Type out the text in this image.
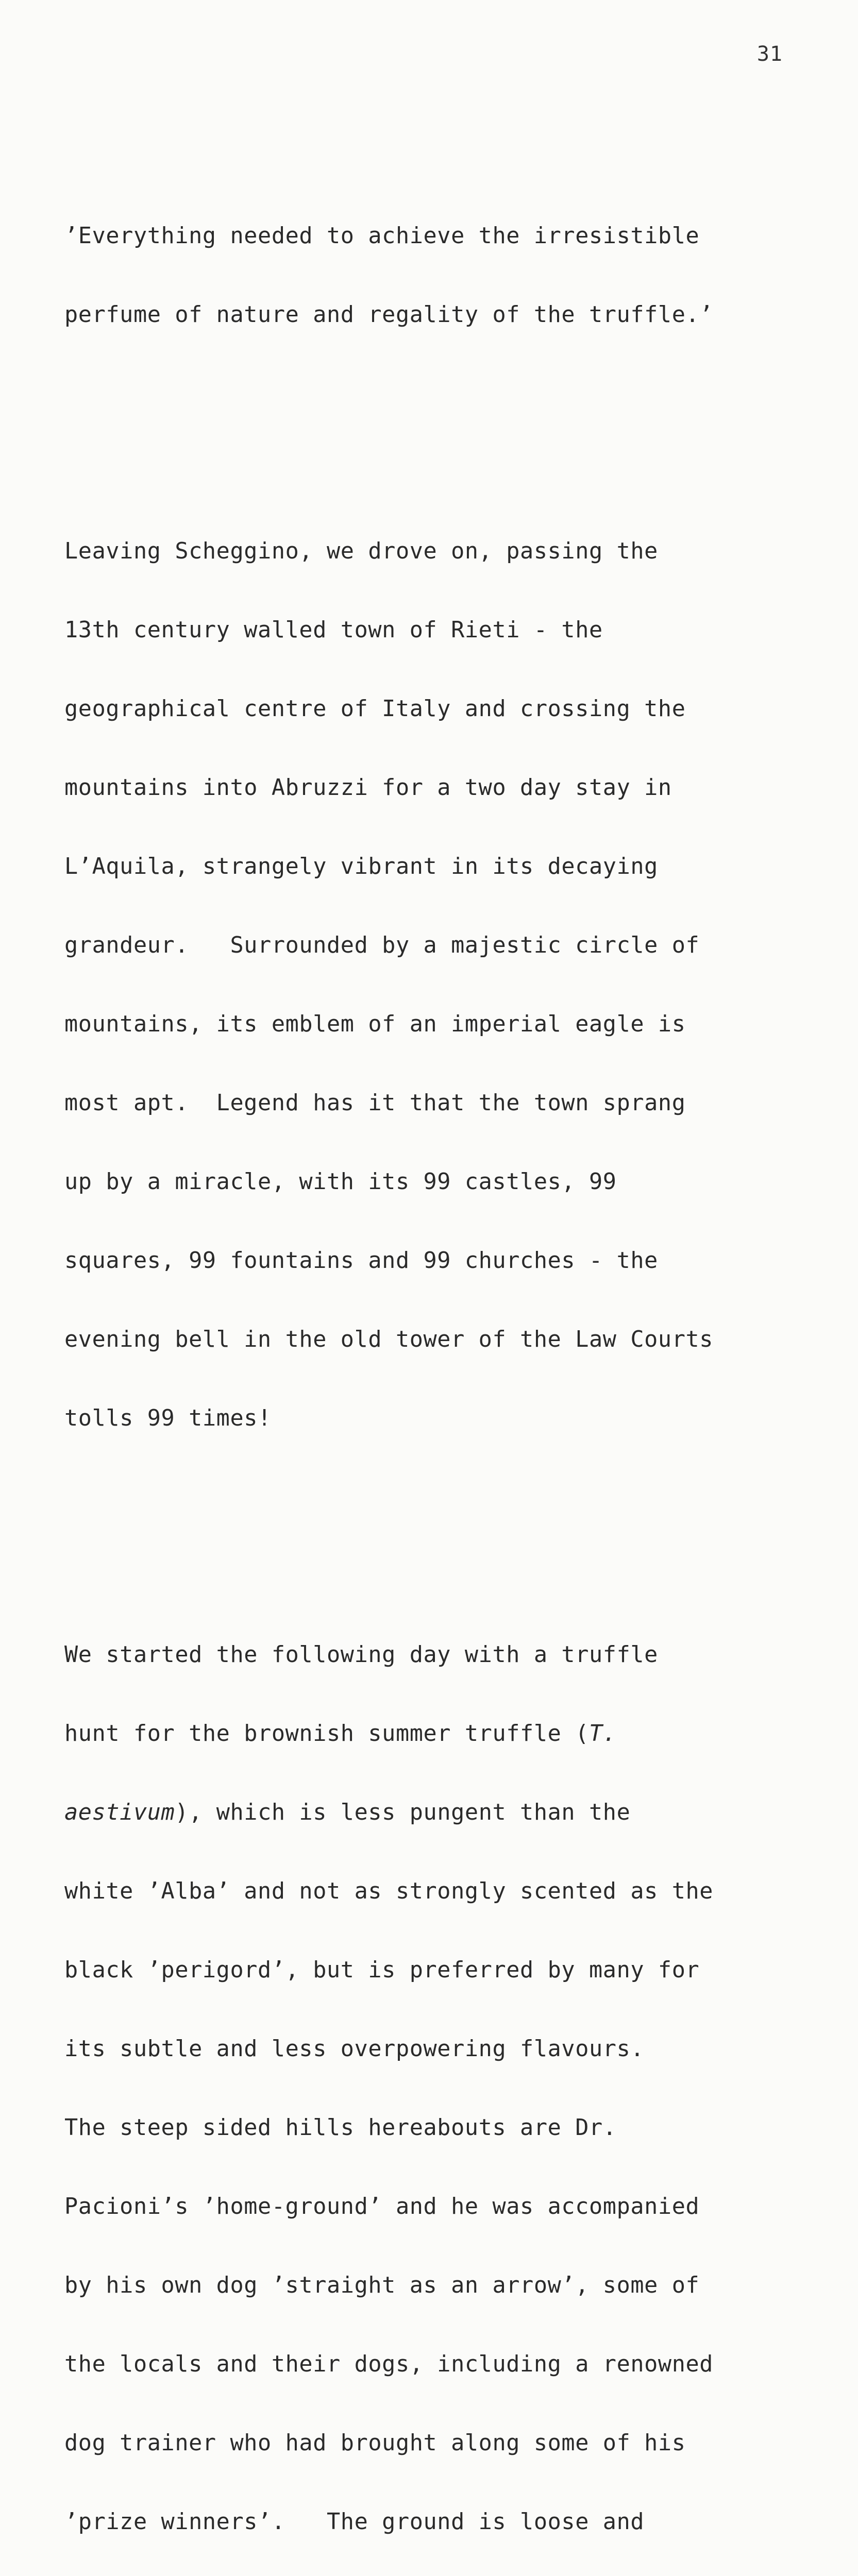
31

’Everything needed to achieve the irresistible

perfume of nature and regality of the truffle.’

Leaving Scheggino, we drove on, passing the

13th century walled town of Rieti - the

geographical centre of Italy and crossing the

mountains into Abruzzi for a two day stay in

L’Aquila, strangely vibrant in its decaying

grandeur.   Surrounded by a majestic circle of

mountains, its emblem of an imperial eagle is

most apt.  Legend has it that the town sprang

up by a miracle, with its 99 castles, 99

squares, 99 fountains and 99 churches - the

evening bell in the old tower of the Law Courts

tolls 99 times!

We started the following day with a truffle

hunt for the brownish summer truffle (T.

aestivum), which is less pungent than the

white ’Alba’ and not as strongly scented as the

black ’perigord’, but is preferred by many for

its subtle and less overpowering flavours.

The steep sided hills hereabouts are Dr.

Pacioni’s ’home-ground’ and he was accompanied

by his own dog ’straight as an arrow’, some of

the locals and their dogs, including a renowned

dog trainer who had brought along some of his

’prize winners’.   The ground is loose and
